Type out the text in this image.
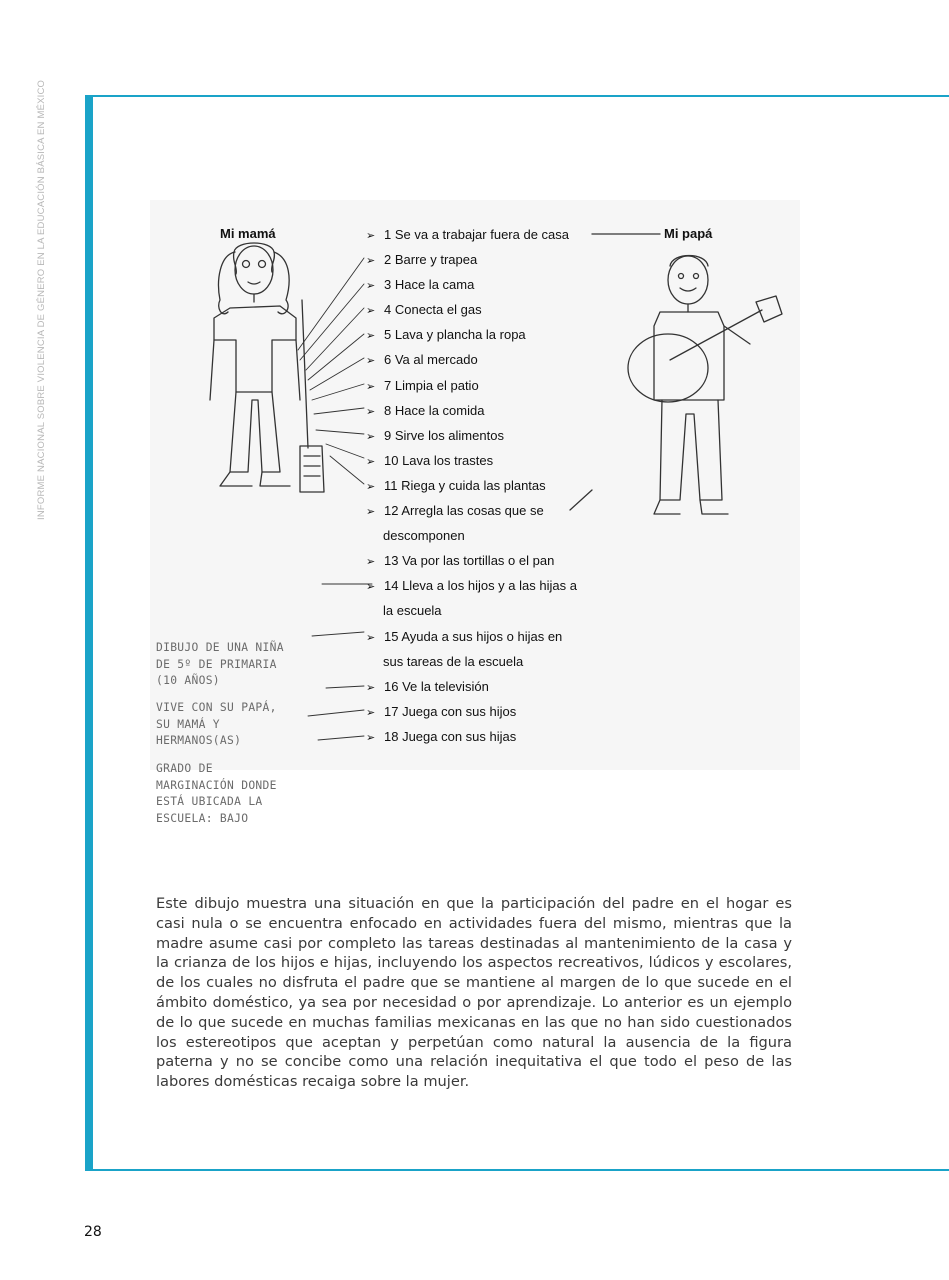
INFORME NACIONAL SOBRE VIOLENCIA DE GÉNERO EN LA EDUCACIÓN BÁSICA EN MÉXICO	Mi mamá	Mi papá
➢ 1 Se va a trabajar fuera de casa
➢ 2 Barre y trapea
➢ 3 Hace la cama
➢ 4 Conecta el gas
➢ 5 Lava y plancha la ropa
➢ 6 Va al mercado
➢ 7 Limpia el patio
➢ 8 Hace la comida
➢ 9 Sirve los alimentos
➢ 10 Lava los trastes
➢ 11 Riega y cuida las plantas
➢ 12 Arregla las cosas que se
descomponen
➢ 13 Va por las tortillas o el pan
➢ 14 Lleva a los hijos y a las hijas a
la escuela
➢ 15 Ayuda a sus hijos o hijas en
sus tareas de la escuela
➢ 16 Ve la televisión
➢ 17 Juega con sus hijos
➢ 18 Juega con sus hijas
DIBUJO DE UNA NIÑA DE 5º DE PRIMARIA (10 AÑOS)
VIVE CON SU PAPÁ, SU MAMÁ Y HERMANOS(AS)
GRADO DE MARGINACIÓN DONDE ESTÁ UBICADA LA ESCUELA: BAJO

Este dibujo muestra una situación en que la participación del padre en el hogar es casi nula o se encuentra enfocado en actividades fuera del mismo, mientras que la madre asume casi por completo las tareas destinadas al mantenimiento de la casa y la crianza de los hijos e hijas, incluyendo los aspectos recreativos, lúdicos y escolares, de los cuales no disfruta el padre que se mantiene al margen de lo que sucede en el ámbito doméstico, ya sea por necesidad o por aprendizaje. Lo anterior es un ejemplo de lo que sucede en muchas familias mexicanas en las que no han sido cuestionados los estereotipos que aceptan y perpetúan como natural la ausencia de la figura paterna y no se concibe como una relación inequitativa el que todo el peso de las labores domésticas recaiga sobre la mujer.

28
